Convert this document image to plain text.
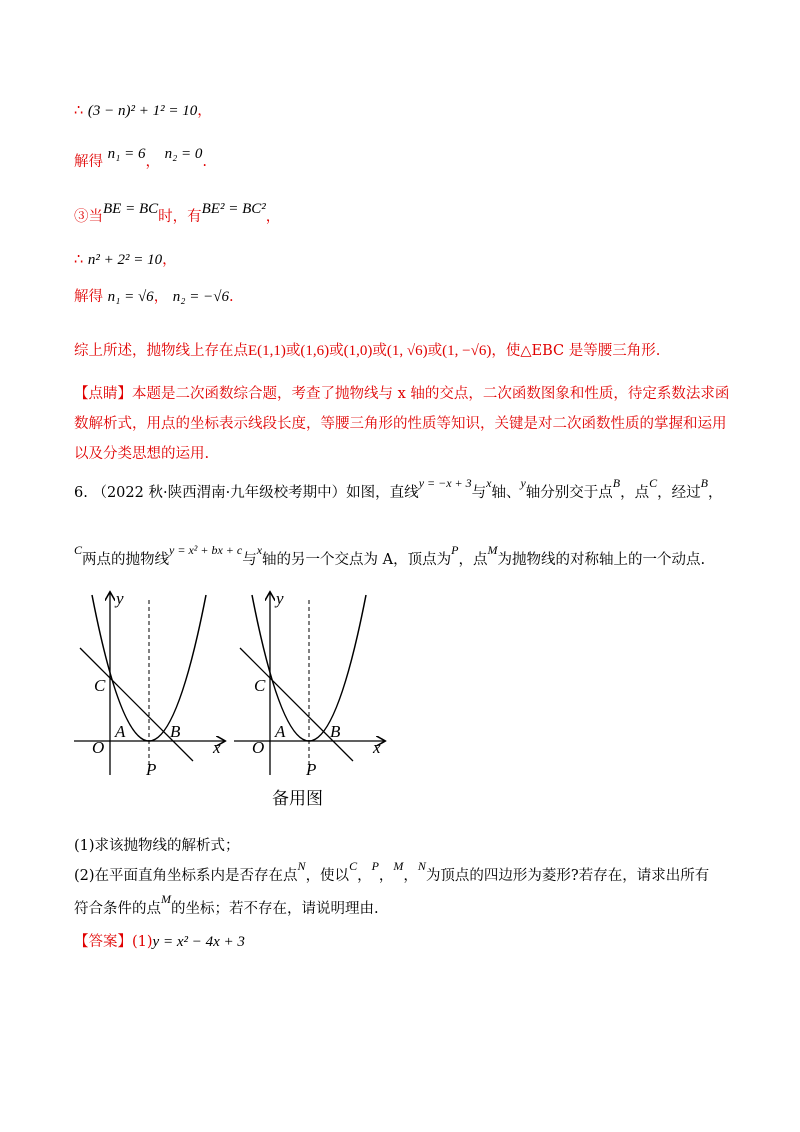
∴ (3 − n)² + 1² = 10，
解得 n₁ = 6， n₂ = 0.
③当BE = BC时，有BE² = BC²，
∴ n² + 2² = 10，
解得 n₁ = √6， n₂ = −√6.
综上所述，抛物线上存在点E(1,1)或(1,6)或(1,0)或(1, √6)或(1, −√6)，使△EBC 是等腰三角形.
【点睛】本题是二次函数综合题，考查了抛物线与 x 轴的交点，二次函数图象和性质，待定系数法求函数解析式，用点的坐标表示线段长度，等腰三角形的性质等知识，关键是对二次函数性质的掌握和运用以及分类思想的运用.
6. （2022 秋·陕西渭南·九年级校考期中）如图，直线$^{y = -x + 3}$与$^x$轴、$^y$轴分别交于点$^B$，点$^C$，经过$^B$，
$^C$两点的抛物线$^{y = x^2 + bx + c}$与$^x$轴的另一个交点为 A，顶点为$^P$，点$^M$为抛物线的对称轴上的一个动点.
y
x
O
A	B
C
P
y
x
O
A	B
C
P
备用图
(1)求该抛物线的解析式；
(2)在平面直角坐标系内是否存在点$^N$，使以$^C$，$^P$，$^M$，$^N$为顶点的四边形为菱形?若存在，请求出所有
符合条件的点$^M$的坐标；若不存在，请说明理由.
【答案】(1)y = x² − 4x + 3
